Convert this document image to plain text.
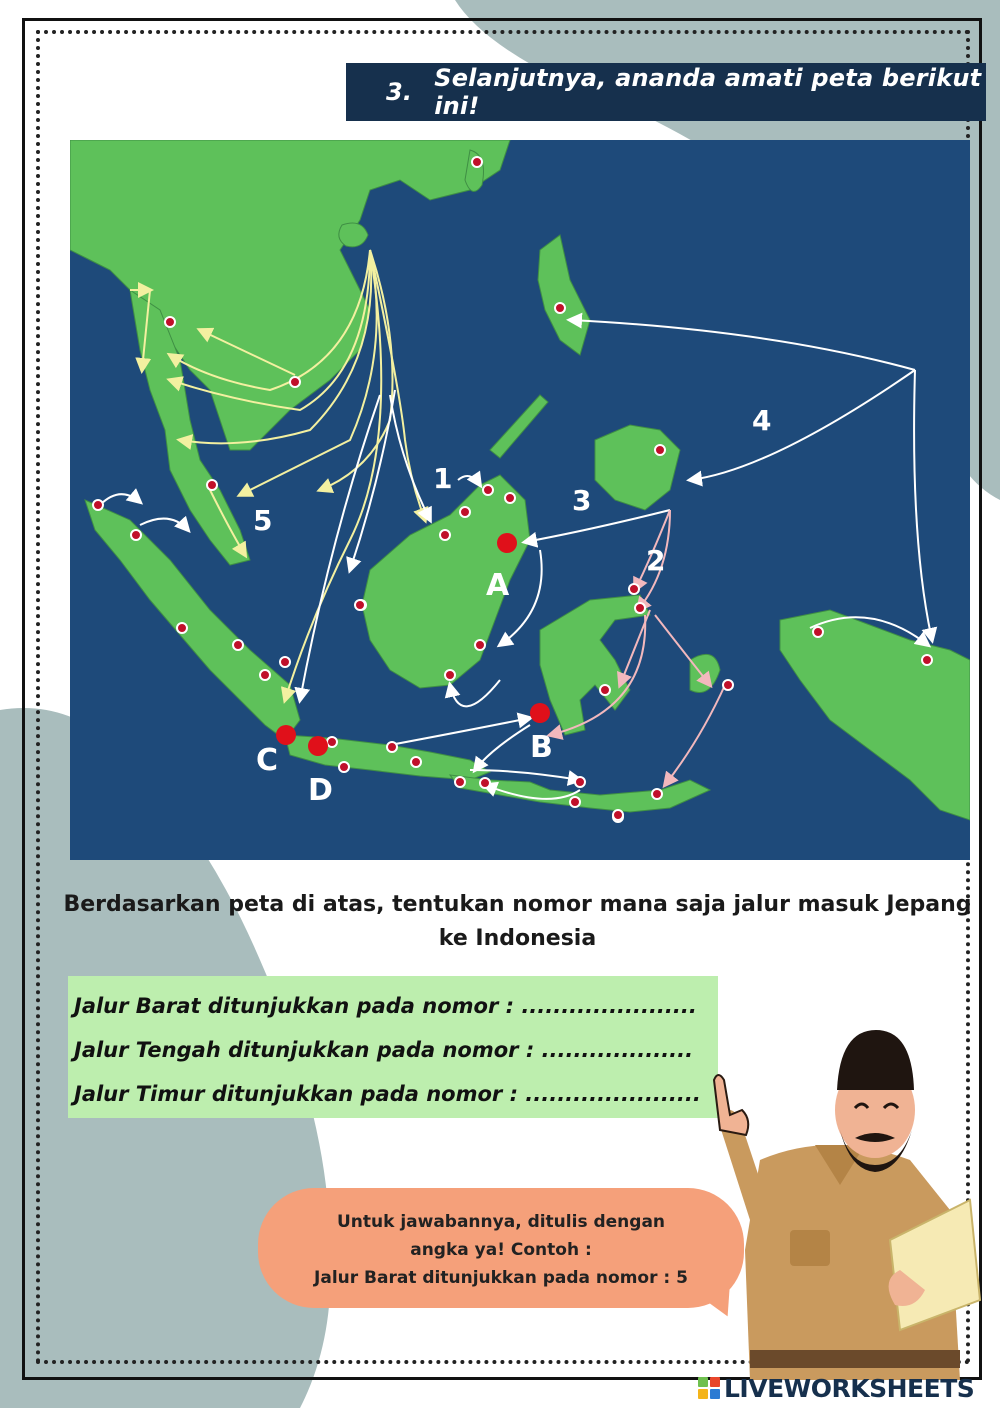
3. Selanjutnya, ananda amati peta berikut ini!
1
2
3
4
5
A
B
C
D
Berdasarkan peta di atas, tentukan nomor mana saja jalur masuk Jepang ke Indonesia
Jalur Barat ditunjukkan pada nomor : ......................
Jalur Tengah ditunjukkan pada nomor : ...................
Jalur Timur ditunjukkan pada nomor : ......................
Untuk jawabannya, ditulis dengan
angka ya! Contoh :
Jalur Barat ditunjukkan pada nomor : 5
LIVEWORKSHEETS
